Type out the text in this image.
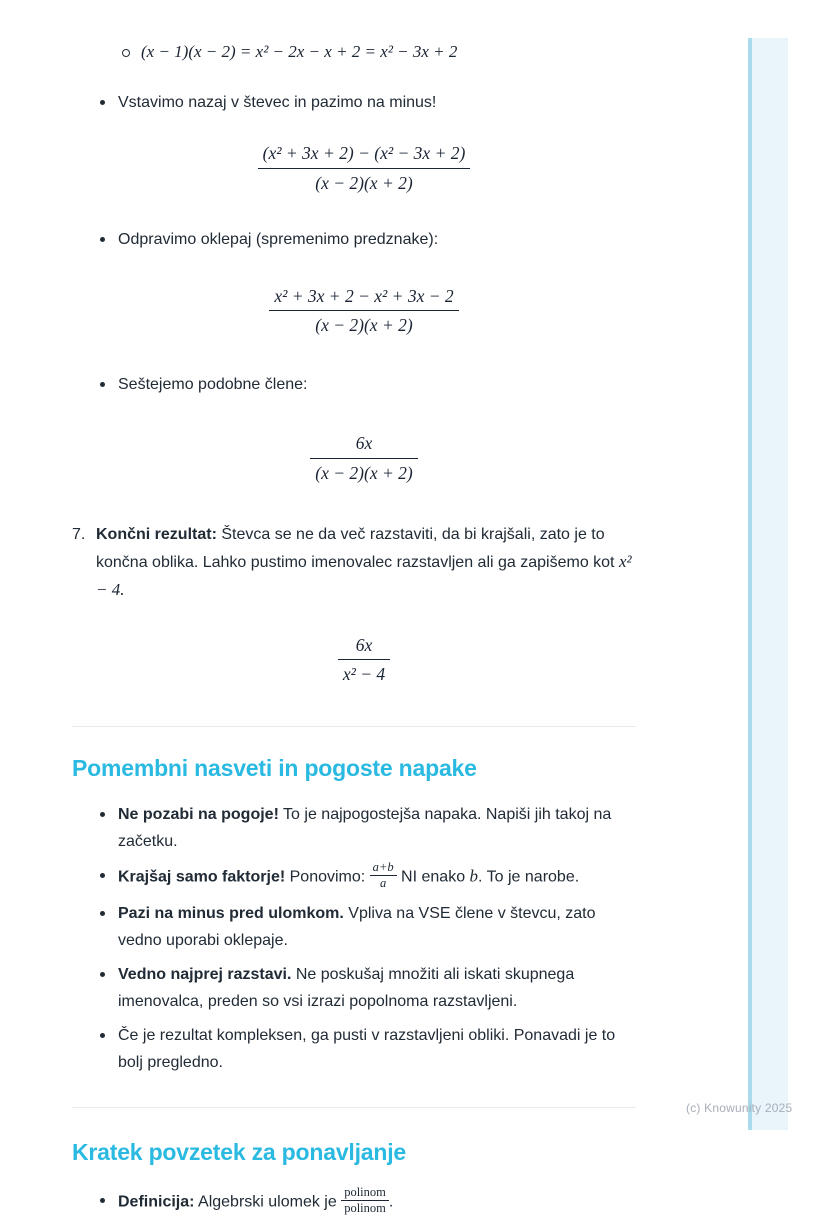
(x − 1)(x − 2) = x² − 2x − x + 2 = x² − 3x + 2
Vstavimo nazaj v števec in pazimo na minus!
$\frac{\text{(x² + 3x + 2) − (x² − 3x + 2)}}{(x - 2)(x + 2)}$
Odpravimo oklepaj (spremenimo predznake):
$\frac{\text{x² + 3x + 2 − x² + 3x − 2}}{(x - 2)(x + 2)}$
Seštejemo podobne člene:
$\frac{6x}{(x - 2)(x + 2)}$
7. Končni rezultat: Števca se ne da več razstaviti, da bi krajšali, zato je to končna oblika. Lahko pustimo imenovalec razstavljen ali ga zapišemo kot x² − 4.
$\frac{6x}{\text{x² − 4}}$
Pomembni nasveti in pogoste napake
Ne pozabi na pogoje! To je najpogostejša napaka. Napiši jih takoj na začetku.
Krajšaj samo faktorje! Ponovimo: $\frac{a+b}{a}$ NI enako b. To je narobe.
Pazi na minus pred ulomkom. Vpliva na VSE člene v števcu, zato vedno uporabi oklepaje.
Vedno najprej razstavi. Ne poskušaj množiti ali iskati skupnega imenovalca, preden so vsi izrazi popolnoma razstavljeni.
Če je rezultat kompleksen, ga pusti v razstavljeni obliki. Ponavadi je to bolj pregledno.
Kratek povzetek za ponavljanje
Definicija: Algebrski ulomek je
polinom
polinom .
(c) Knowunity 2025
